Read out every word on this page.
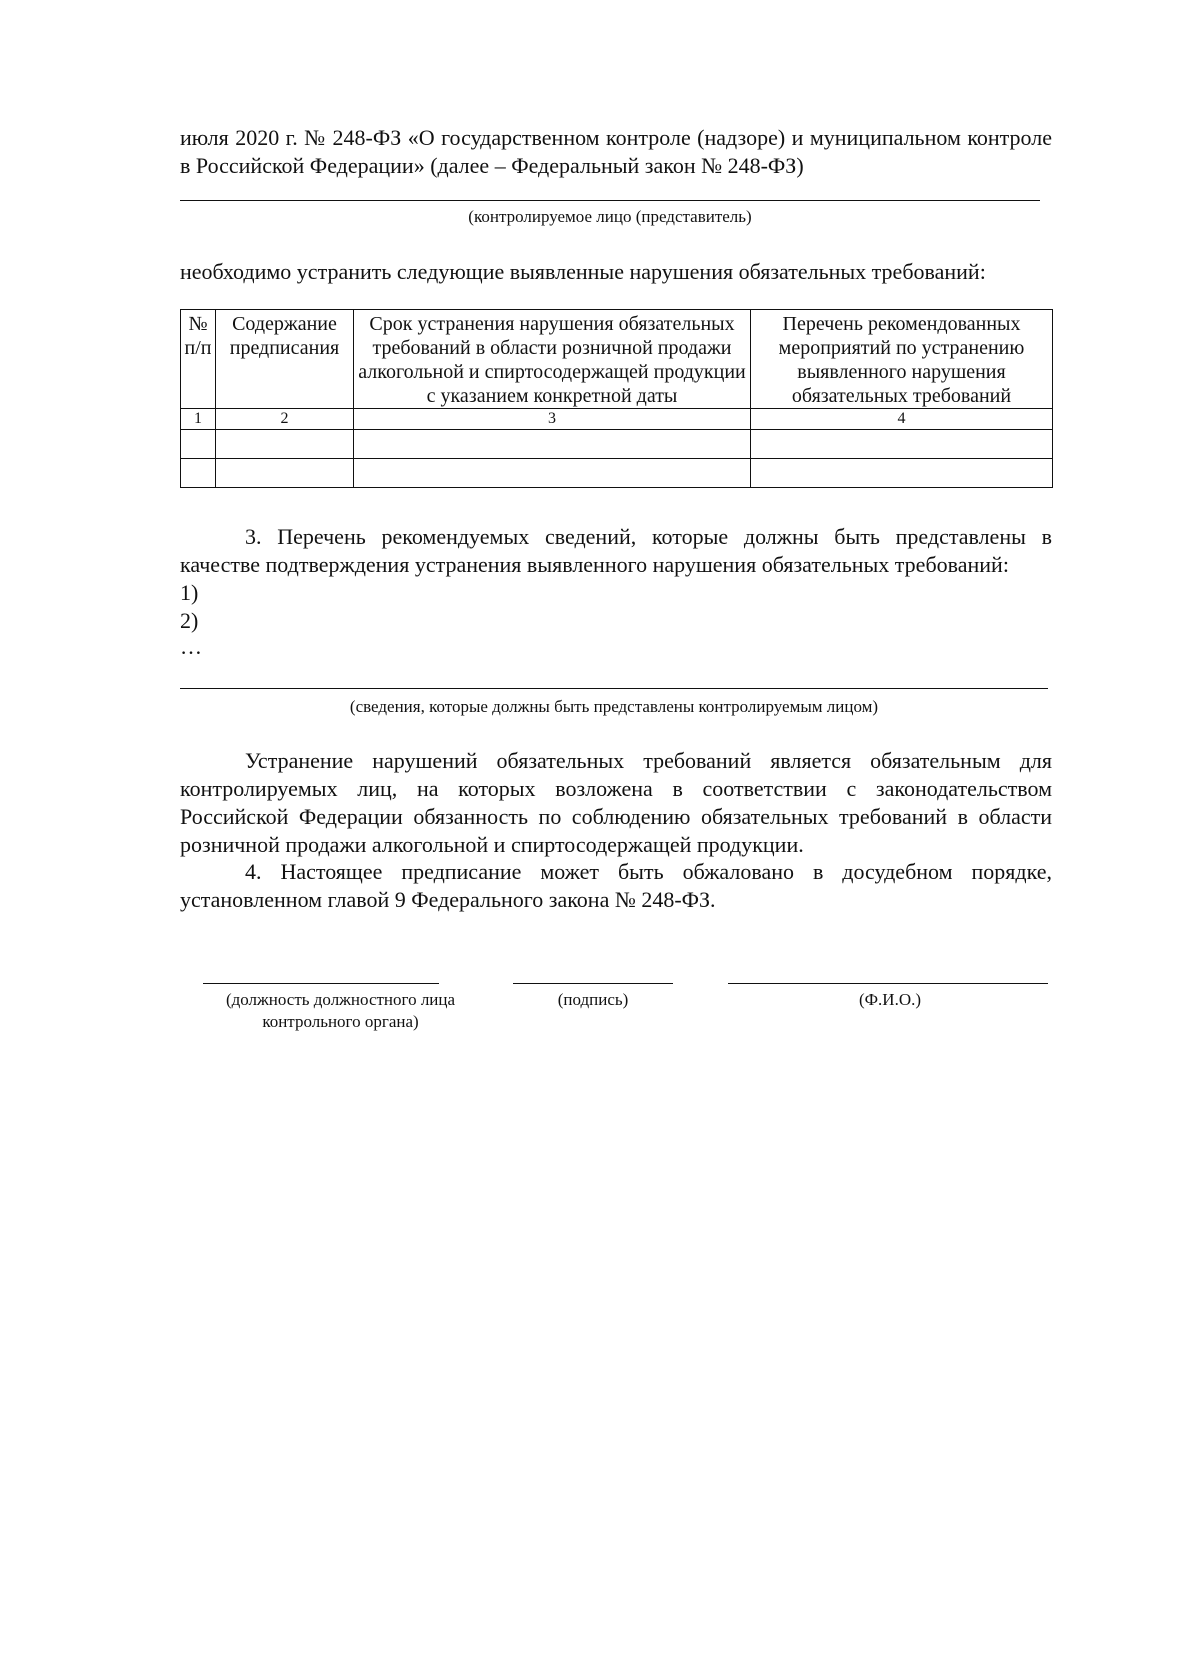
июля 2020 г. № 248-ФЗ «О государственном контроле (надзоре) и муниципальном контроле в Российской Федерации» (далее – Федеральный закон № 248-ФЗ)
(контролируемое лицо (представитель)
необходимо устранить следующие выявленные нарушения обязательных требований:
№ п/п	Содержание предписания	Срок устранения нарушения обязательных требований в области розничной продажи алкогольной и спиртосодержащей продукции с указанием конкретной даты	Перечень рекомендованных мероприятий по устранению выявленного нарушения обязательных требований
1	2	3	4

3. Перечень рекомендуемых сведений, которые должны быть представлены в качестве подтверждения устранения выявленного нарушения обязательных требований:
1)
2)
…
(сведения, которые должны быть представлены контролируемым лицом)
Устранение нарушений обязательных требований является обязательным для контролируемых лиц, на которых возложена в соответствии с законодательством Российской Федерации обязанность по соблюдению обязательных требований в области розничной продажи алкогольной и спиртосодержащей продукции.
4. Настоящее предписание может быть обжаловано в досудебном порядке, установленном главой 9 Федерального закона № 248-ФЗ.
(должность должностного лица контрольного органа)
(подпись)	(Ф.И.О.)
